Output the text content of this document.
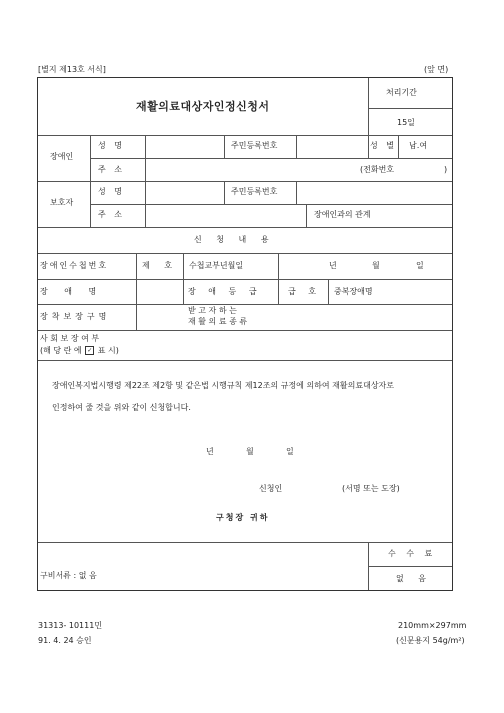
[별지 제13호 서식]	(앞 면)
재활의료대상자인정신청서
처리기간
15일
장애인
성 명	주민등록번호	성 별 남․여
주 소	(전화번호	)
보호자
성 명	주민등록번호
주 소	장애인과의 관계
신 청 내 용
장애인수첩번호	제 호 수첩교부년월일	년	월	일
장 애 명	장 애 등 급	급 호 중복장애명
장착보장구명
받 고 자 하 는
재 활 의 료 종 류
사 회 보 장 여 부
(해 당 란 에 ✓ 표 시)
장애인복지법시행령 제22조 제2항 및 같은법 시행규칙 제12조의 규정에 의하여 재활의료대상자로
인정하여 줄 것을 위와 같이 신청합니다.
년	월	일
신청인	(서명 또는 도장)
구청장 귀하
수 수 료
없 음
구비서류 : 없 음
31313- 10111민
91. 4. 24 승인
210mm×297mm
(신문용지 54g/m²)
